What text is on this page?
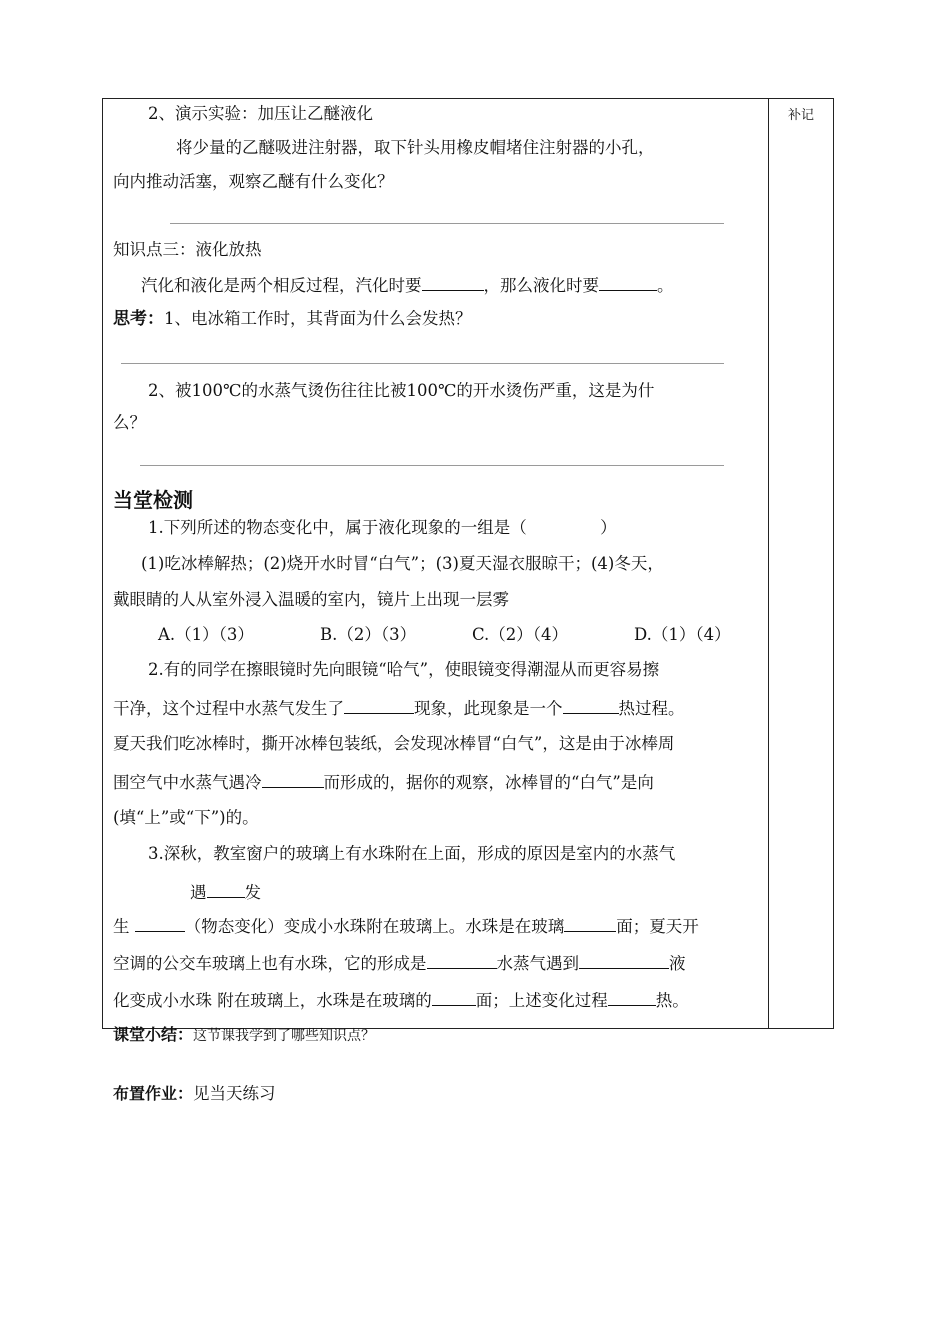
补记
2、演示实验：加压让乙醚液化
将少量的乙醚吸进注射器，取下针头用橡皮帽堵住注射器的小孔，
向内推动活塞，观察乙醚有什么变化？
知识点三：液化放热
汽化和液化是两个相反过程，汽化时要	，那么液化时要	。
思考：1、电冰箱工作时，其背面为什么会发热？
2、被100℃的水蒸气烫伤往往比被100℃的开水烫伤严重，这是为什
么？
当堂检测
1.下列所述的物态变化中，属于液化现象的一组是（              ）
(1)吃冰棒解热；(2)烧开水时冒“白气”；(3)夏天湿衣服晾干；(4)冬天，
戴眼睛的人从室外浸入温暖的室内，镜片上出现一层雾
A.（1）（3）	B.（2）（3）	C.（2）（4）	D.（1）（4）
2.有的同学在擦眼镜时先向眼镜“哈气”，使眼镜变得潮湿从而更容易擦
干净，这个过程中水蒸气发生了	现象，此现象是一个	热过程。
夏天我们吃冰棒时，撕开冰棒包装纸，会发现冰棒冒“白气”，这是由于冰棒周
围空气中水蒸气遇冷	而形成的，据你的观察，冰棒冒的“白气”是向
(填“上”或“下”)的。
3.深秋，教室窗户的玻璃上有水珠附在上面，形成的原因是室内的水蒸气
遇 发
生	（物态变化）变成小水珠附在玻璃上。水珠是在玻璃	面；夏天开
空调的公交车玻璃上也有水珠，它的形成是	水蒸气遇到	液
化变成小水珠 附在玻璃上，水珠是在玻璃的	面；上述变化过程	热。
课堂小结：这节课我学到了哪些知识点？
布置作业：见当天练习
